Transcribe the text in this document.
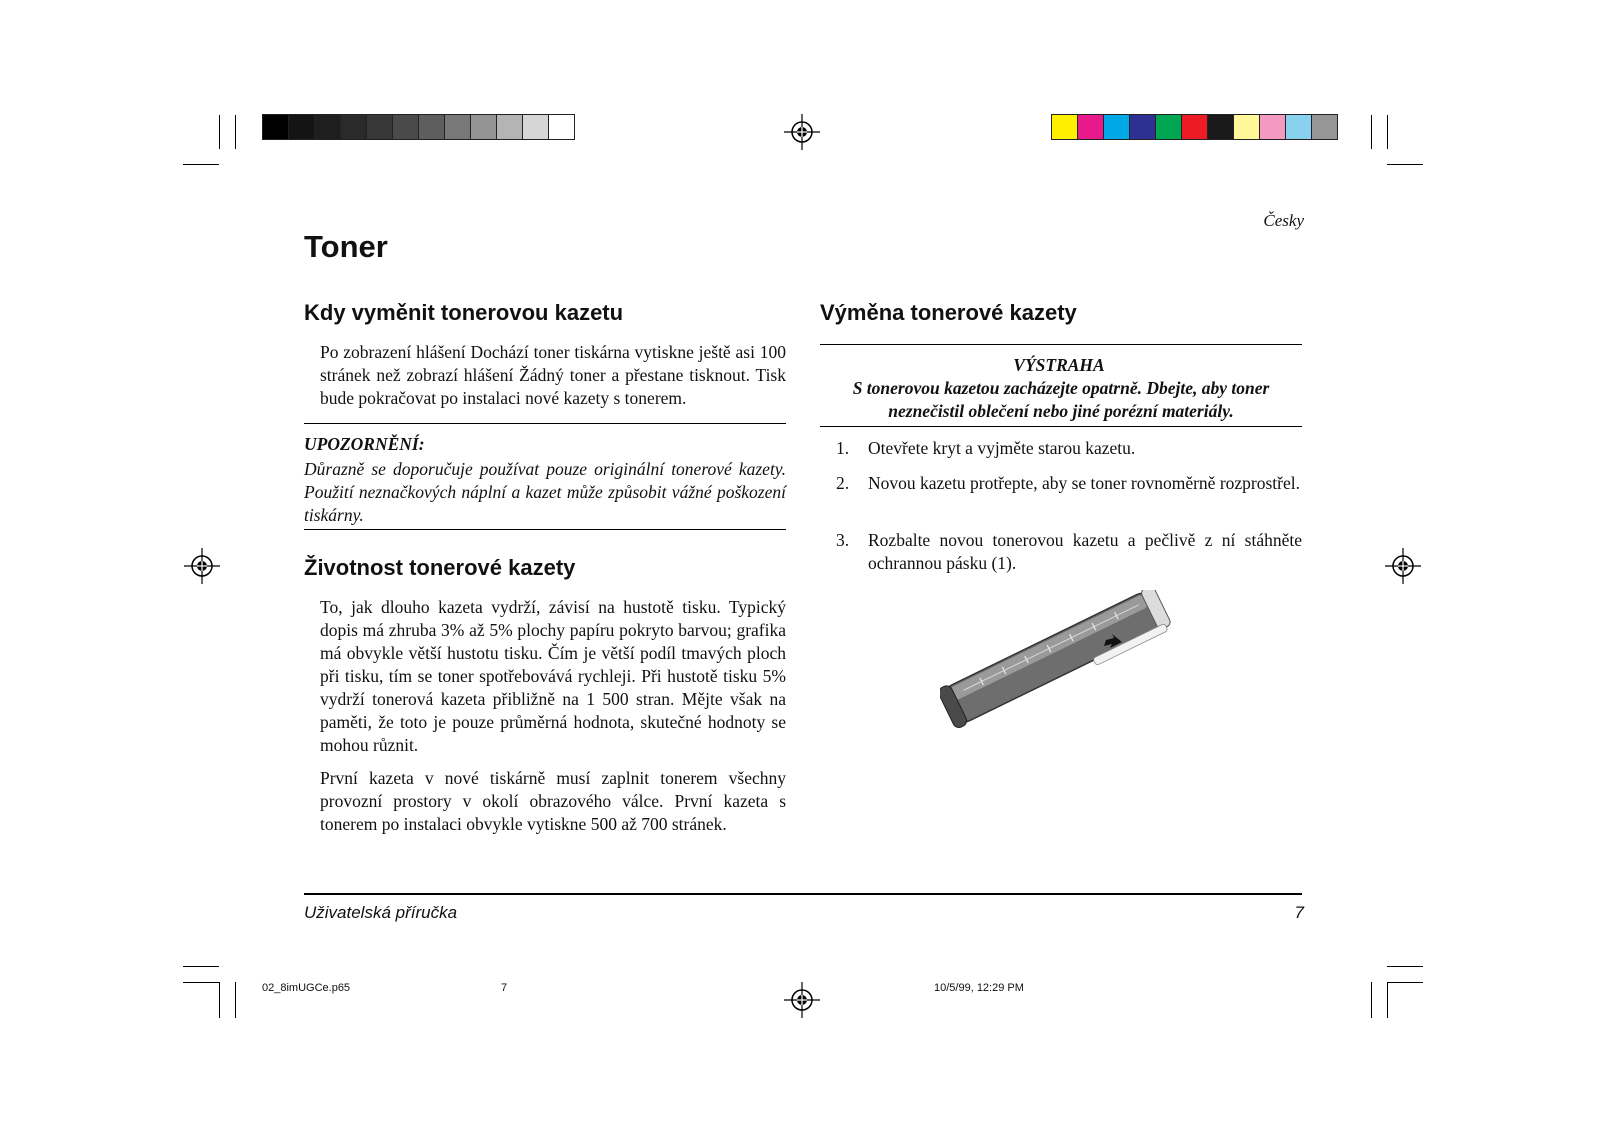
Česky
Toner
Kdy vyměnit tonerovou kazetu

Po zobrazení hlášení Dochází toner tiskárna vytiskne ještě asi 100 stránek než zobrazí hlášení Žádný toner a přestane tisknout. Tisk bude pokračovat po instalaci nové kazety s tonerem.

UPOZORNĚNÍ:

Důrazně se doporučuje používat pouze originální tonerové kazety. Použití neznačkových náplní a kazet může způsobit vážné poškození tiskárny.

Životnost tonerové kazety

To, jak dlouho kazeta vydrží, závisí na hustotě tisku. Typický dopis má zhruba 3% až 5% plochy papíru pokryto barvou; grafika má obvykle větší hustotu tisku. Čím je větší podíl tmavých ploch při tisku, tím se toner spotřebovává rychleji. Při hustotě tisku 5% vydrží tonerová kazeta přibližně na 1 500 stran. Mějte však na paměti, že toto je pouze průměrná hodnota, skutečné hodnoty se mohou různit.

První kazeta v nové tiskárně musí zaplnit tonerem všechny provozní prostory v okolí obrazového válce. První kazeta s tonerem po instalaci obvykle vytiskne 500 až 700 stránek.

Výměna tonerové kazety
VÝSTRAHA

S tonerovou kazetou zacházejte opatrně. Dbejte, aby toner neznečistil oblečení nebo jiné porézní materiály.

1.	Otevřete kryt a vyjměte starou kazetu.
2.	Novou kazetu protřepte, aby se toner rovnoměrně rozprostřel.
3.	Rozbalte novou tonerovou kazetu a pečlivě z ní stáhněte ochrannou pásku (1).
Uživatelská příručka	7
02_8imUGCe.p65	7	10/5/99, 12:29 PM
